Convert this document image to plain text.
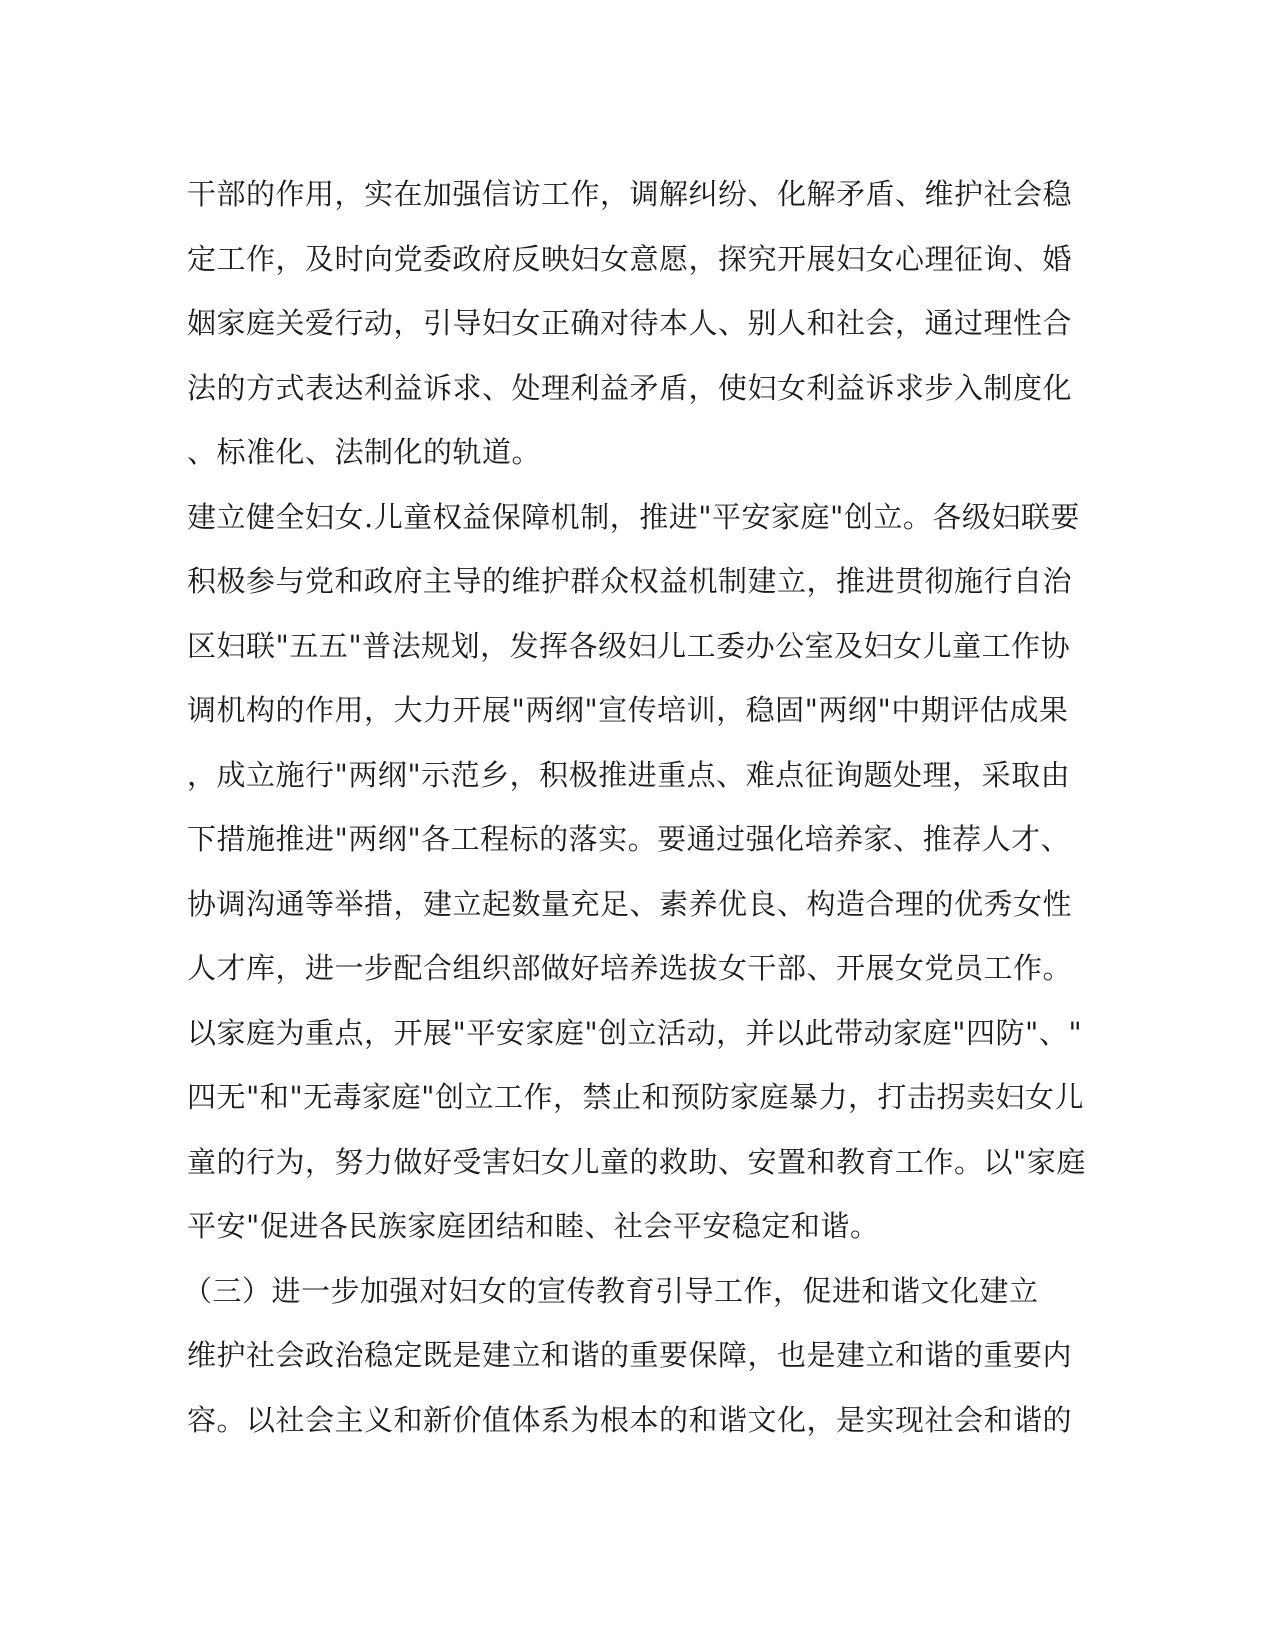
干部的作用，实在加强信访工作，调解纠纷、化解矛盾、维护社会稳
定工作，及时向党委政府反映妇女意愿，探究开展妇女心理征询、婚
姻家庭关爱行动，引导妇女正确对待本人、别人和社会，通过理性合
法的方式表达利益诉求、处理利益矛盾，使妇女利益诉求步入制度化
、标准化、法制化的轨道。
建立健全妇女.儿童权益保障机制，推进"平安家庭"创立。各级妇联要
积极参与党和政府主导的维护群众权益机制建立，推进贯彻施行自治
区妇联"五五"普法规划，发挥各级妇儿工委办公室及妇女儿童工作协
调机构的作用，大力开展"两纲"宣传培训，稳固"两纲"中期评估成果
，成立施行"两纲"示范乡，积极推进重点、难点征询题处理，采取由
下措施推进"两纲"各工程标的落实。要通过强化培养家、推荐人才、
协调沟通等举措，建立起数量充足、素养优良、构造合理的优秀女性
人才库，进一步配合组织部做好培养选拔女干部、开展女党员工作。
以家庭为重点，开展"平安家庭"创立活动，并以此带动家庭"四防"、"
四无"和"无毒家庭"创立工作，禁止和预防家庭暴力，打击拐卖妇女儿
童的行为，努力做好受害妇女儿童的救助、安置和教育工作。以"家庭
平安"促进各民族家庭团结和睦、社会平安稳定和谐。
（三）进一步加强对妇女的宣传教育引导工作，促进和谐文化建立
维护社会政治稳定既是建立和谐的重要保障，也是建立和谐的重要内
容。以社会主义和新价值体系为根本的和谐文化，是实现社会和谐的
